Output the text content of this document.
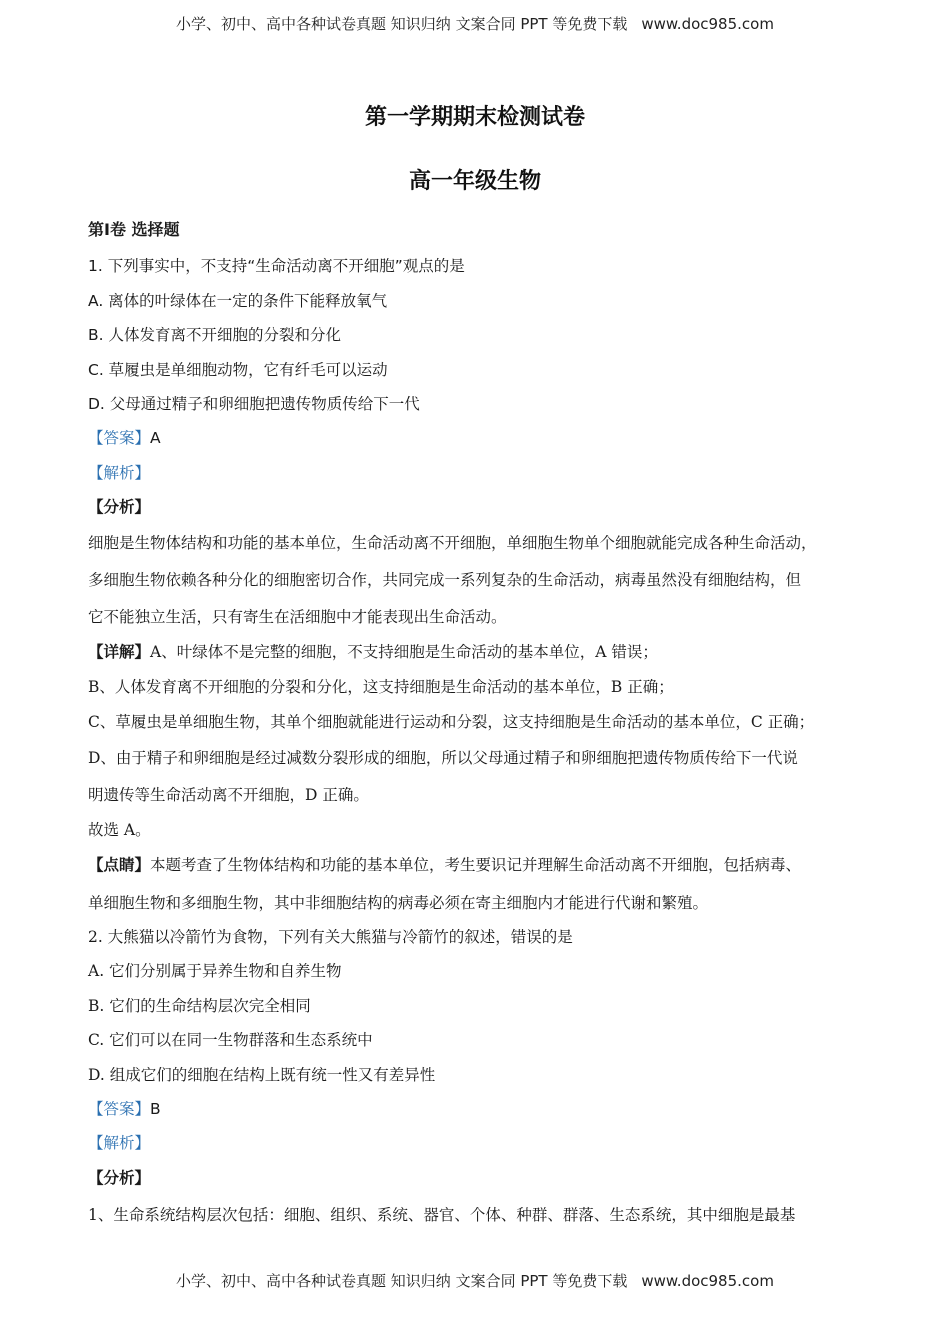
小学、初中、高中各种试卷真题 知识归纳 文案合同 PPT 等免费下载 www.doc985.com
第一学期期末检测试卷
高一年级生物
第Ⅰ卷 选择题
1. 下列事实中，不支持“生命活动离不开细胞”观点的是
A. 离体的叶绿体在一定的条件下能释放氧气
B. 人体发育离不开细胞的分裂和分化
C. 草履虫是单细胞动物，它有纤毛可以运动
D. 父母通过精子和卵细胞把遗传物质传给下一代
【答案】A
【解析】
【分析】
细胞是生物体结构和功能的基本单位，生命活动离不开细胞，单细胞生物单个细胞就能完成各种生命活动，
多细胞生物依赖各种分化的细胞密切合作，共同完成一系列复杂的生命活动，病毒虽然没有细胞结构，但
它不能独立生活，只有寄生在活细胞中才能表现出生命活动。
【详解】A、叶绿体不是完整的细胞，不支持细胞是生命活动的基本单位，A 错误；
B、人体发育离不开细胞的分裂和分化，这支持细胞是生命活动的基本单位，B 正确；
C、草履虫是单细胞生物，其单个细胞就能进行运动和分裂，这支持细胞是生命活动的基本单位，C 正确；
D、由于精子和卵细胞是经过减数分裂形成的细胞，所以父母通过精子和卵细胞把遗传物质传给下一代说
明遗传等生命活动离不开细胞，D 正确。
故选 A。
【点睛】本题考查了生物体结构和功能的基本单位，考生要识记并理解生命活动离不开细胞，包括病毒、
单细胞生物和多细胞生物，其中非细胞结构的病毒必须在寄主细胞内才能进行代谢和繁殖。
2. 大熊猫以冷箭竹为食物，下列有关大熊猫与冷箭竹的叙述，错误的是
A. 它们分别属于异养生物和自养生物
B. 它们的生命结构层次完全相同
C. 它们可以在同一生物群落和生态系统中
D. 组成它们的细胞在结构上既有统一性又有差异性
【答案】B
【解析】
【分析】
1、生命系统结构层次包括：细胞、组织、系统、器官、个体、种群、群落、生态系统，其中细胞是最基
小学、初中、高中各种试卷真题 知识归纳 文案合同 PPT 等免费下载 www.doc985.com
